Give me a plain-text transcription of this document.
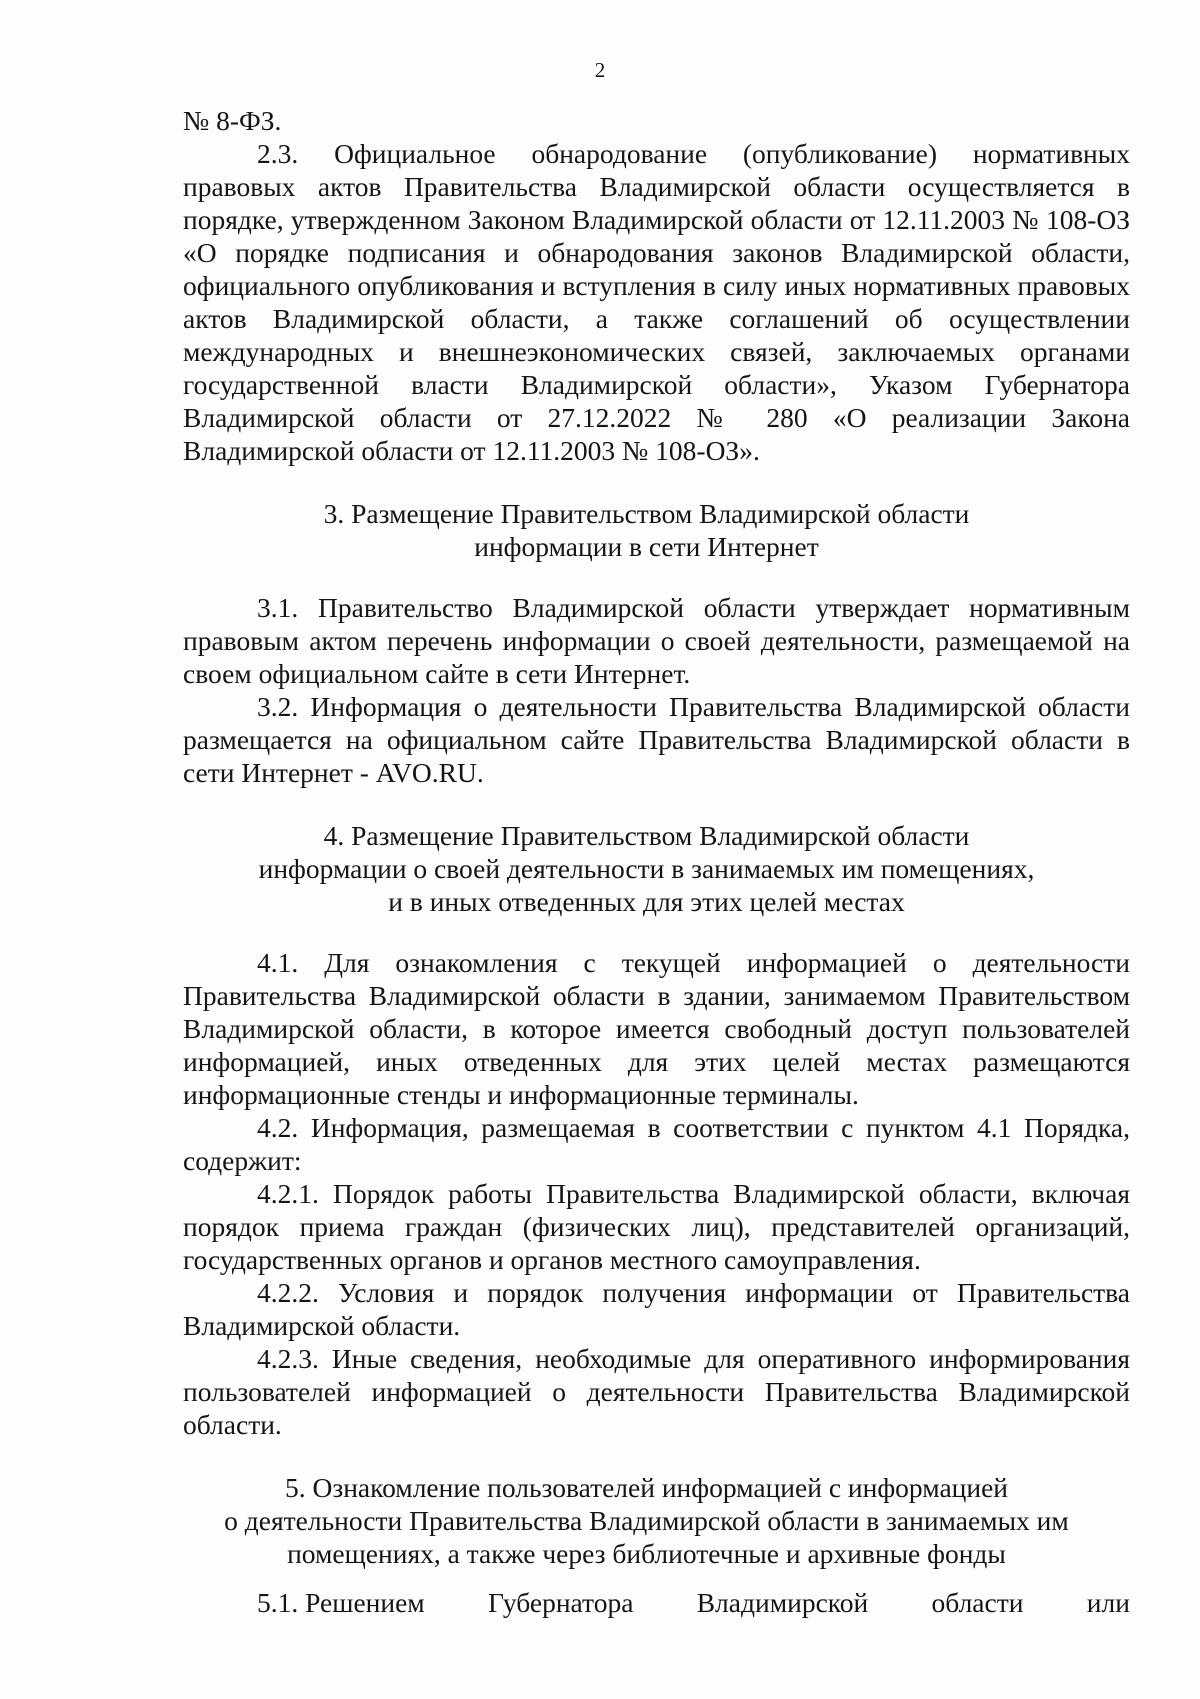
2

№ 8-ФЗ.

2.3. Официальное обнародование (опубликование) нормативных правовых актов Правительства Владимирской области осуществляется в порядке, утвержденном Законом Владимирской области от 12.11.2003 № 108-ОЗ «О порядке подписания и обнародования законов Владимирской области, официального опубликования и вступления в силу иных нормативных правовых актов Владимирской области, а также соглашений об осуществлении международных и внешнеэкономических связей, заключаемых органами государственной власти Владимирской области», Указом Губернатора Владимирской области от 27.12.2022 № 280 «О реализации Закона Владимирской области от 12.11.2003 № 108-ОЗ».

3. Размещение Правительством Владимирской области

информации в сети Интернет

3.1. Правительство Владимирской области утверждает нормативным правовым актом перечень информации о своей деятельности, размещаемой на своем официальном сайте в сети Интернет.

3.2. Информация о деятельности Правительства Владимирской области размещается на официальном сайте Правительства Владимирской области в сети Интернет - AVO.RU.

4. Размещение Правительством Владимирской области

информации о своей деятельности в занимаемых им помещениях,

и в иных отведенных для этих целей местах

4.1. Для ознакомления с текущей информацией о деятельности Правительства Владимирской области в здании, занимаемом Правительством Владимирской области, в которое имеется свободный доступ пользователей информацией, иных отведенных для этих целей местах размещаются информационные стенды и информационные терминалы.

4.2. Информация, размещаемая в соответствии с пунктом 4.1 Порядка, содержит:

4.2.1. Порядок работы Правительства Владимирской области, включая порядок приема граждан (физических лиц), представителей организаций, государственных органов и органов местного самоуправления.

4.2.2. Условия и порядок получения информации от Правительства Владимирской области.

4.2.3. Иные сведения, необходимые для оперативного информирования пользователей информацией о деятельности Правительства Владимирской области.

5. Ознакомление пользователей информацией с информацией

о деятельности Правительства Владимирской области в занимаемых им

помещениях, а также через библиотечные и архивные фонды

5.1. Решением Губернатора Владимирской области или
